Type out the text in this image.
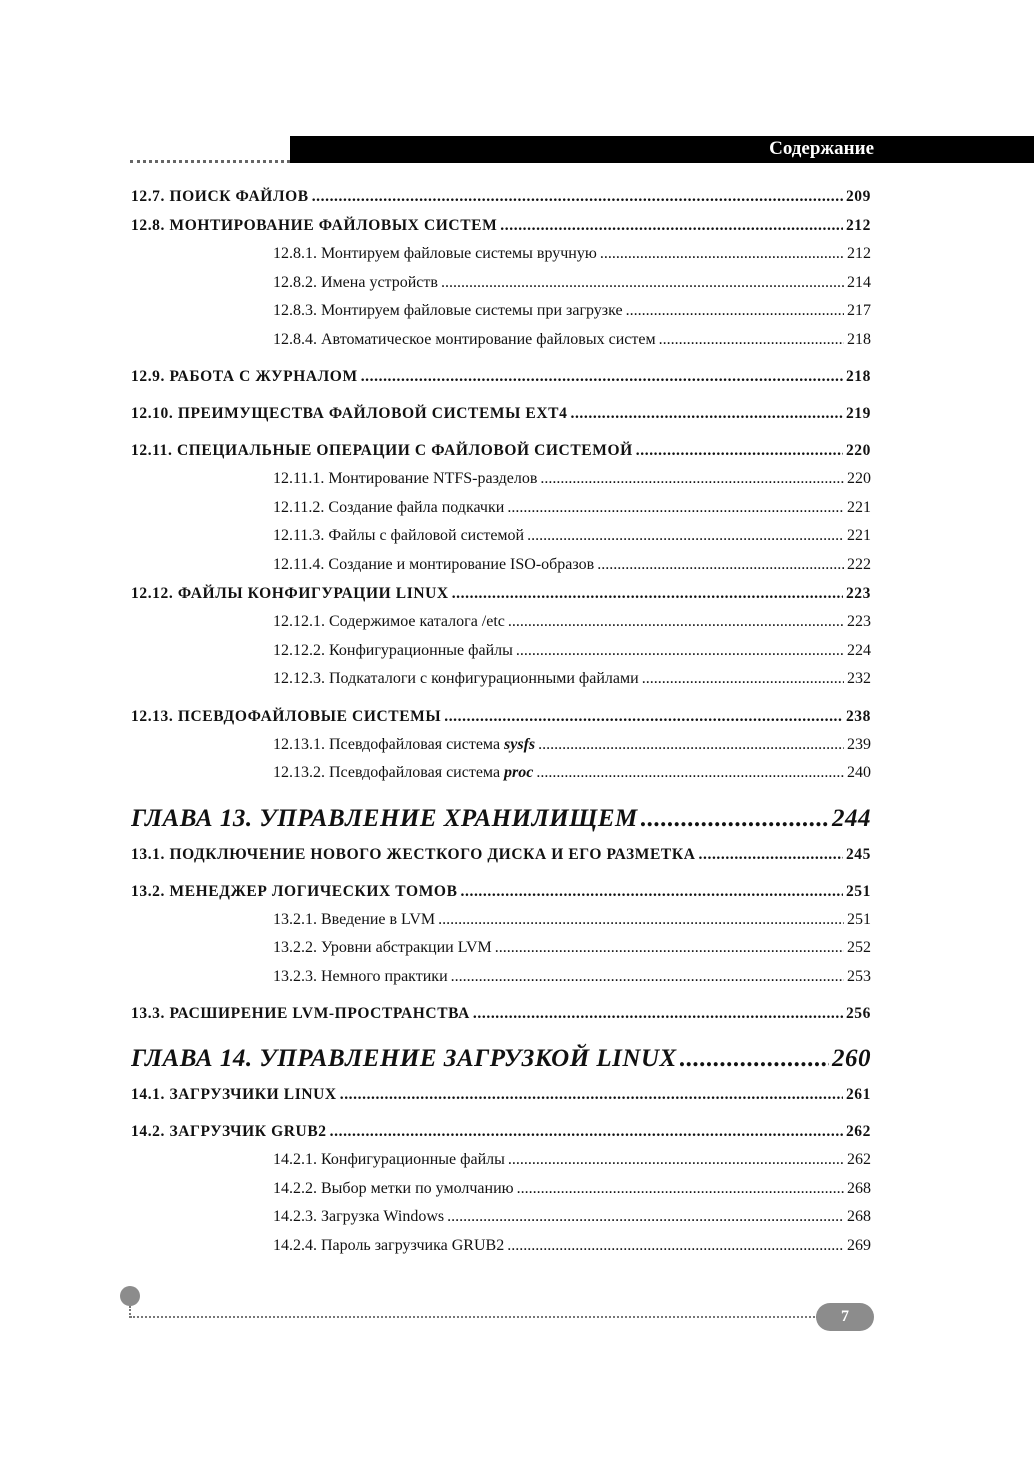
Содержание
12.7. ПОИСК ФАЙЛОВ .....	209
12.8. МОНТИРОВАНИЕ ФАЙЛОВЫХ СИСТЕМ .....	212
12.8.1. Монтируем файловые системы вручную .....	212
12.8.2. Имена устройств .....	214
12.8.3. Монтируем файловые системы при загрузке .....	217
12.8.4. Автоматическое монтирование файловых систем .....	218
12.9. РАБОТА С ЖУРНАЛОМ .....	218
12.10. ПРЕИМУЩЕСТВА ФАЙЛОВОЙ СИСТЕМЫ EXT4 .....	219
12.11. СПЕЦИАЛЬНЫЕ ОПЕРАЦИИ С ФАЙЛОВОЙ СИСТЕМОЙ .....	220
12.11.1. Монтирование NTFS-разделов .....	220
12.11.2. Создание файла подкачки .....	221
12.11.3. Файлы с файловой системой .....	221
12.11.4. Создание и монтирование ISO-образов .....	222
12.12. ФАЙЛЫ КОНФИГУРАЦИИ LINUX .....	223
12.12.1. Содержимое каталога /etc .....	223
12.12.2. Конфигурационные файлы .....	224
12.12.3. Подкаталоги с конфигурационными файлами .....	232
12.13. ПСЕВДОФАЙЛОВЫЕ СИСТЕМЫ .....	238
12.13.1. Псевдофайловая система sysfs .....	239
12.13.2. Псевдофайловая система proc .....	240
ГЛАВА 13. УПРАВЛЕНИЕ ХРАНИЛИЩЕМ .....	244
13.1. ПОДКЛЮЧЕНИЕ НОВОГО ЖЕСТКОГО ДИСКА И ЕГО РАЗМЕТКА .....	245
13.2. МЕНЕДЖЕР ЛОГИЧЕСКИХ ТОМОВ .....	251
13.2.1. Введение в LVM .....	251
13.2.2. Уровни абстракции LVM .....	252
13.2.3. Немного практики .....	253
13.3. РАСШИРЕНИЕ LVM-ПРОСТРАНСТВА .....	256
ГЛАВА 14. УПРАВЛЕНИЕ ЗАГРУЗКОЙ LINUX .....	260
14.1. ЗАГРУЗЧИКИ LINUX .....	261
14.2. ЗАГРУЗЧИК GRUB2 .....	262
14.2.1. Конфигурационные файлы .....	262
14.2.2. Выбор метки по умолчанию .....	268
14.2.3. Загрузка Windows .....	268
14.2.4. Пароль загрузчика GRUB2 .....	269
7
